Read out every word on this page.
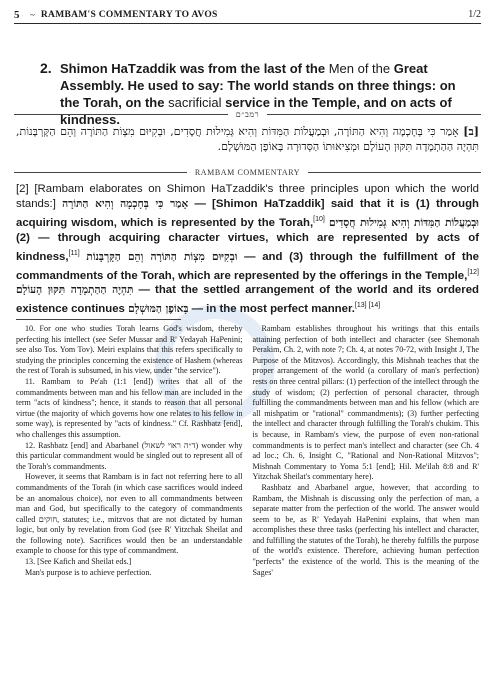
5	~ RAMBAM'S COMMENTARY TO AVOS	1/2
2. Shimon HaTzaddik was from the last of the Men of the Great Assembly. He used to say: The world stands on three things: on the Torah, on the sacrificial service in the Temple, and on acts of kindness.	רמב״ם
[ב] אָמַר כִּי בְּחָכְמָה וְהִיא הַתּוֹרָה, וּבְמַעֲלוֹת הַמִּדּוֹת וְהִיא גְּמִילוּת חֲסָדִים, וּבְקִיּוּם מִצְוֹת הַתּוֹרָה וְהֵם הַקָּרְבָּנוֹת, תִּהְיֶה הַהַתְמָדָה תִּקּוּן הָעוֹלָם וּמְצִיאוּתוֹ הַסְּדוּרָה בָּאוֹפֶן הַמּוּשְׁלָם.
RAMBAM COMMENTARY
[2] [Rambam elaborates on Shimon HaTzaddik's three principles upon which the world stands:] אָמַר כִּי בְּחָכְמָה וְהִיא הַתּוֹרָה — [Shimon HaTzaddik] said that it is (1) through acquiring wisdom, which is represented by the Torah,[10] וּבְמַעֲלוֹת הַמִּדּוֹת וְהִיא גְּמִילוּת חֲסָדִים — (2) through acquiring character virtues, which are represented by acts of kindness,[11] וּבְקִיּוּם מִצְוֹת הַתּוֹרָה וְהֵם הַקָּרְבָּנוֹת — and (3) through the fulfillment of the commandments of the Torah, which are represented by the offerings in the Temple,[12] תִּהְיֶה הַהַתְמָדָה תִּקּוּן הָעוֹלָם — that the settled arrangement of the world and its ordered existence continues בָּאוֹפֶן הַמּוּשְׁלָם — in the most perfect manner.[13] [14]

10. For one who studies Torah learns God's wisdom, thereby perfecting his intellect (see Sefer Mussar and R' Yedayah HaPenini; see also Tos. Yom Tov). Meiri explains that this refers specifically to studying the principles concerning the existence of Hashem (whereas the rest of Torah is subsumed, in his view, under "the service").

11. Rambam to Pe'ah (1:1 [end]) writes that all of the commandments between man and his fellow man are included in the term "acts of kindness"; hence, it stands to reason that all personal virtue (the majority of which governs how one relates to his fellow in some way), is represented by "acts of kindness." Cf. Rashbatz [end], who challenges this assumption.

12. Rashbatz [end] and Abarbanel (ד״ה ראוי לשאול) wonder why this particular commandment would be singled out to represent all of the Torah's commandments.

However, it seems that Rambam is in fact not referring here to all commandments of the Torah (in which case sacrifices would indeed be an anomalous choice), nor even to all commandments between man and God, but specifically to the category of commandments called חוקים, statutes; i.e., mitzvos that are not dictated by human logic, but only by revelation from God (see R' Yitzchak Sheilat and the following note). Sacrifices would then be an understandable example to choose for this type of commandment.

13. [See Kafich and Sheilat eds.]

Man's purpose is to achieve perfection.

Rambam establishes throughout his writings that this entails attaining perfection of both intellect and character (see Shemonah Perakim, Ch. 2, with note 7; Ch. 4, at notes 70-72, with Insight J, The Purpose of the Mitzvos). Accordingly, this Mishnah teaches that the proper arrangement of the world (a corollary of man's perfection) rests on three central pillars: (1) perfection of the intellect through the study of wisdom; (2) perfection of personal character, through fulfilling the commandments between man and his fellow (which are all mishpatim or "rational" commandments); (3) further perfecting the intellect and character through fulfilling the Torah's chukim. This is because, in Rambam's view, the purpose of even non-rational commandments is to perfect man's intellect and character (see Ch. 4 ad loc.; Ch. 6, Insight C, "Rational and Non-Rational Mitzvos"; Mishnah Commentary to Yoma 5:1 [end]; Hil. Me'ilah 8:8 and R' Yitzchak Sheilat's commentary here).

Rashbatz and Abarbanel argue, however, that according to Rambam, the Mishnah is discussing only the perfection of man, a separate matter from the perfection of the world. The answer would seem to be, as R' Yedayah HaPenini explains, that when man accomplishes these three tasks (perfecting his intellect and character, and fulfilling the statutes of the Torah), he thereby fulfills the purpose of the world's existence. Therefore, achieving human perfection "perfects" the existence of the world. This is the meaning of the Sages'
